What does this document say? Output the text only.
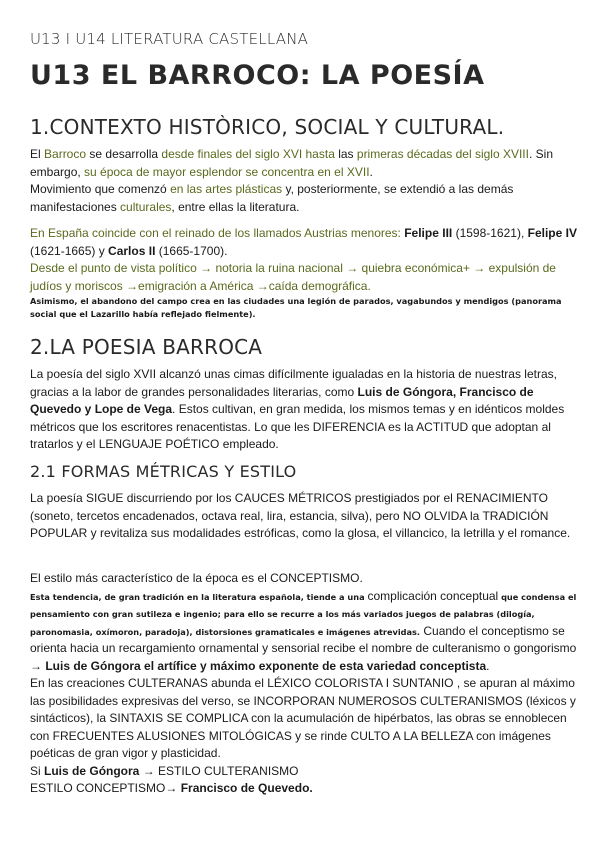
U13 I U14 LITERATURA CASTELLANA
U13 EL BARROCO: LA POESÍA
1.CONTEXTO HISTÒRICO, SOCIAL Y CULTURAL.

El Barroco se desarrolla desde finales del siglo XVI hasta las primeras décadas del siglo XVIII. Sin embargo, su época de mayor esplendor se concentra en el XVII.

Movimiento que comenzó en las artes plásticas y, posteriormente, se extendió a las demás manifestaciones culturales, entre ellas la literatura.

En España coincide con el reinado de los llamados Austrias menores: Felipe III (1598-1621), Felipe IV (1621-1665) y Carlos II (1665-1700).

Desde el punto de vista político → notoria la ruina nacional → quiebra económica+ → expulsión de judíos y moriscos →emigración a América →caída demográfica.

Asimismo, el abandono del campo crea en las ciudades una legión de parados, vagabundos y mendigos (panorama social que el Lazarillo había reflejado fielmente).

2.LA POESIA BARROCA

La poesía del siglo XVII alcanzó unas cimas difícilmente igualadas en la historia de nuestras letras, gracias a la labor de grandes personalidades literarias, como Luis de Góngora, Francisco de Quevedo y Lope de Vega. Estos cultivan, en gran medida, los mismos temas y en idénticos moldes métricos que los escritores renacentistas. Lo que les DIFERENCIA es la ACTITUD que adoptan al tratarlos y el LENGUAJE POÉTICO empleado.

2.1 FORMAS MÉTRICAS Y ESTILO

La poesía SIGUE discurriendo por los CAUCES MÉTRICOS prestigiados por el RENACIMIENTO (soneto, tercetos encadenados, octava real, lira, estancia, silva), pero NO OLVIDA la TRADICIÓN POPULAR y revitaliza sus modalidades estróficas, como la glosa, el villancico, la letrilla y el romance.

El estilo más característico de la época es el CONCEPTISMO.

Esta tendencia, de gran tradición en la literatura española, tiende a una complicación conceptual que condensa el pensamiento con gran sutileza e ingenio; para ello se recurre a los más variados juegos de palabras (dilogía, paronomasia, oxímoron, paradoja), distorsiones gramaticales e imágenes atrevidas. Cuando el conceptismo se orienta hacia un recargamiento ornamental y sensorial recibe el nombre de culteranismo o gongorismo → Luis de Góngora el artífice y máximo exponente de esta variedad conceptista.

En las creaciones CULTERANAS abunda el LÉXICO COLORISTA I SUNTANIO , se apuran al máximo las posibilidades expresivas del verso, se INCORPORAN NUMEROSOS CULTERANISMOS (léxicos y sintácticos), la SINTAXIS SE COMPLICA con la acumulación de hipérbatos, las obras se ennoblecen con FRECUENTES ALUSIONES MITOLÓGICAS y se rinde CULTO A LA BELLEZA con imágenes poéticas de gran vigor y plasticidad.

Si Luis de Góngora → ESTILO CULTERANISMO

ESTILO CONCEPTISMO→ Francisco de Quevedo.
